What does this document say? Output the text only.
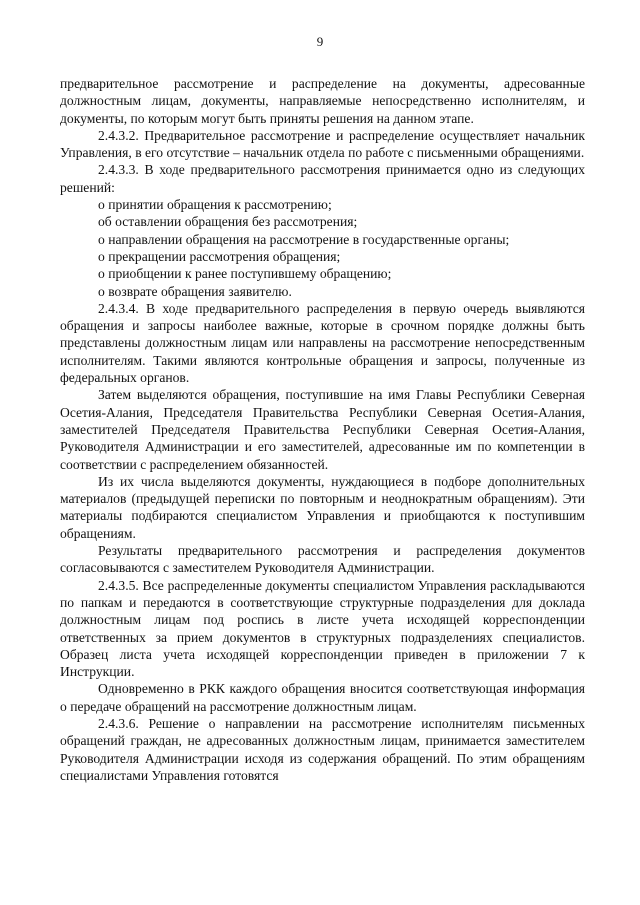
9

предварительное рассмотрение и распределение на документы, адресованные должностным лицам, документы, направляемые непосредственно исполнителям, и документы, по которым могут быть приняты решения на данном этапе.

2.4.3.2. Предварительное рассмотрение и распределение осуществляет начальник Управления, в его отсутствие – начальник отдела по работе с письменными обращениями.

2.4.3.3. В ходе предварительного рассмотрения принимается одно из следующих решений:

о принятии обращения к рассмотрению;

об оставлении обращения без рассмотрения;

о направлении обращения на рассмотрение в государственные органы;

о прекращении рассмотрения обращения;

о приобщении к ранее поступившему обращению;

о возврате обращения заявителю.

2.4.3.4. В ходе предварительного распределения в первую очередь выявляются обращения и запросы наиболее важные, которые в срочном порядке должны быть представлены должностным лицам или направлены на рассмотрение непосредственным исполнителям. Такими являются контрольные обращения и запросы, полученные из федеральных органов.

Затем выделяются обращения, поступившие на имя Главы Республики Северная Осетия-Алания, Председателя Правительства Республики Северная Осетия-Алания, заместителей Председателя Правительства Республики Северная Осетия-Алания, Руководителя Администрации и его заместителей, адресованные им по компетенции в соответствии с распределением обязанностей.

Из их числа выделяются документы, нуждающиеся в подборе дополнительных материалов (предыдущей переписки по повторным и неоднократным обращениям). Эти материалы подбираются специалистом Управления и приобщаются к поступившим обращениям.

Результаты предварительного рассмотрения и распределения документов согласовываются с заместителем Руководителя Администрации.

2.4.3.5. Все распределенные документы специалистом Управления раскладываются по папкам и передаются в соответствующие структурные подразделения для доклада должностным лицам под роспись в листе учета исходящей корреспонденции ответственных за прием документов в структурных подразделениях специалистов. Образец листа учета исходящей корреспонденции приведен в приложении 7 к Инструкции.

Одновременно в РКК каждого обращения вносится соответствующая информация о передаче обращений на рассмотрение должностным лицам.

2.4.3.6. Решение о направлении на рассмотрение исполнителям письменных обращений граждан, не адресованных должностным лицам, принимается заместителем Руководителя Администрации исходя из содержания обращений. По этим обращениям специалистами Управления готовятся
